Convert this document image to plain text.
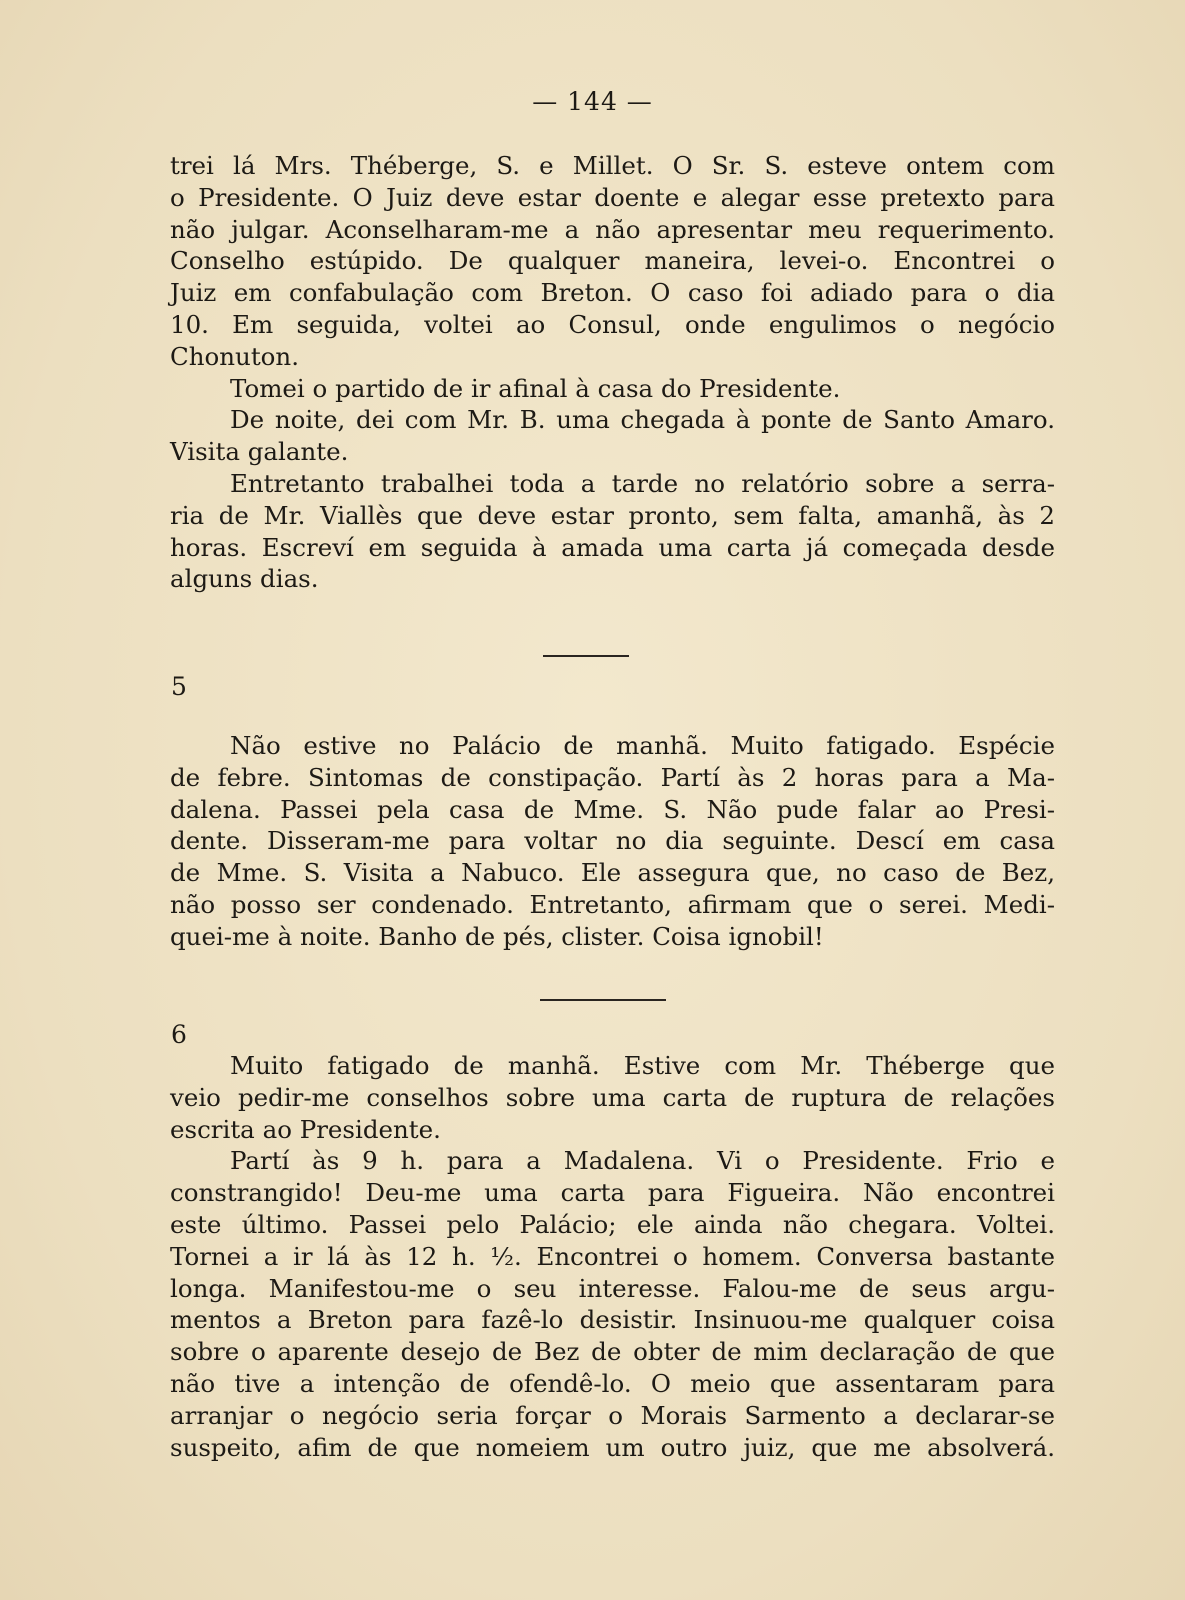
— 144 —
trei lá Mrs. Théberge, S. e Millet. O Sr. S. esteve ontem com
o Presidente. O Juiz deve estar doente e alegar esse pretexto para
não julgar. Aconselharam-me a não apresentar meu requerimento.
Conselho estúpido. De qualquer maneira, levei-o. Encontrei o
Juiz em confabulação com Breton. O caso foi adiado para o dia
10. Em seguida, voltei ao Consul, onde engulimos o negócio
Chonuton.
Tomei o partido de ir afinal à casa do Presidente.
De noite, dei com Mr. B. uma chegada à ponte de Santo Amaro.
Visita galante.
Entretanto trabalhei toda a tarde no relatório sobre a serra-
ria de Mr. Viallès que deve estar pronto, sem falta, amanhã, às 2
horas. Escreví em seguida à amada uma carta já começada desde
alguns dias.
5
Não estive no Palácio de manhã. Muito fatigado. Espécie
de febre. Sintomas de constipação. Partí às 2 horas para a Ma-
dalena. Passei pela casa de Mme. S. Não pude falar ao Presi-
dente. Disseram-me para voltar no dia seguinte. Descí em casa
de Mme. S. Visita a Nabuco. Ele assegura que, no caso de Bez,
não posso ser condenado. Entretanto, afirmam que o serei. Medi-
quei-me à noite. Banho de pés, clister. Coisa ignobil!
6
Muito fatigado de manhã. Estive com Mr. Théberge que
veio pedir-me conselhos sobre uma carta de ruptura de relações
escrita ao Presidente.
Partí às 9 h. para a Madalena. Vi o Presidente. Frio e
constrangido! Deu-me uma carta para Figueira. Não encontrei
este último. Passei pelo Palácio; ele ainda não chegara. Voltei.
Tornei a ir lá às 12 h. ½. Encontrei o homem. Conversa bastante
longa. Manifestou-me o seu interesse. Falou-me de seus argu-
mentos a Breton para fazê-lo desistir. Insinuou-me qualquer coisa
sobre o aparente desejo de Bez de obter de mim declaração de que
não tive a intenção de ofendê-lo. O meio que assentaram para
arranjar o negócio seria forçar o Morais Sarmento a declarar-se
suspeito, afim de que nomeiem um outro juiz, que me absolverá.
